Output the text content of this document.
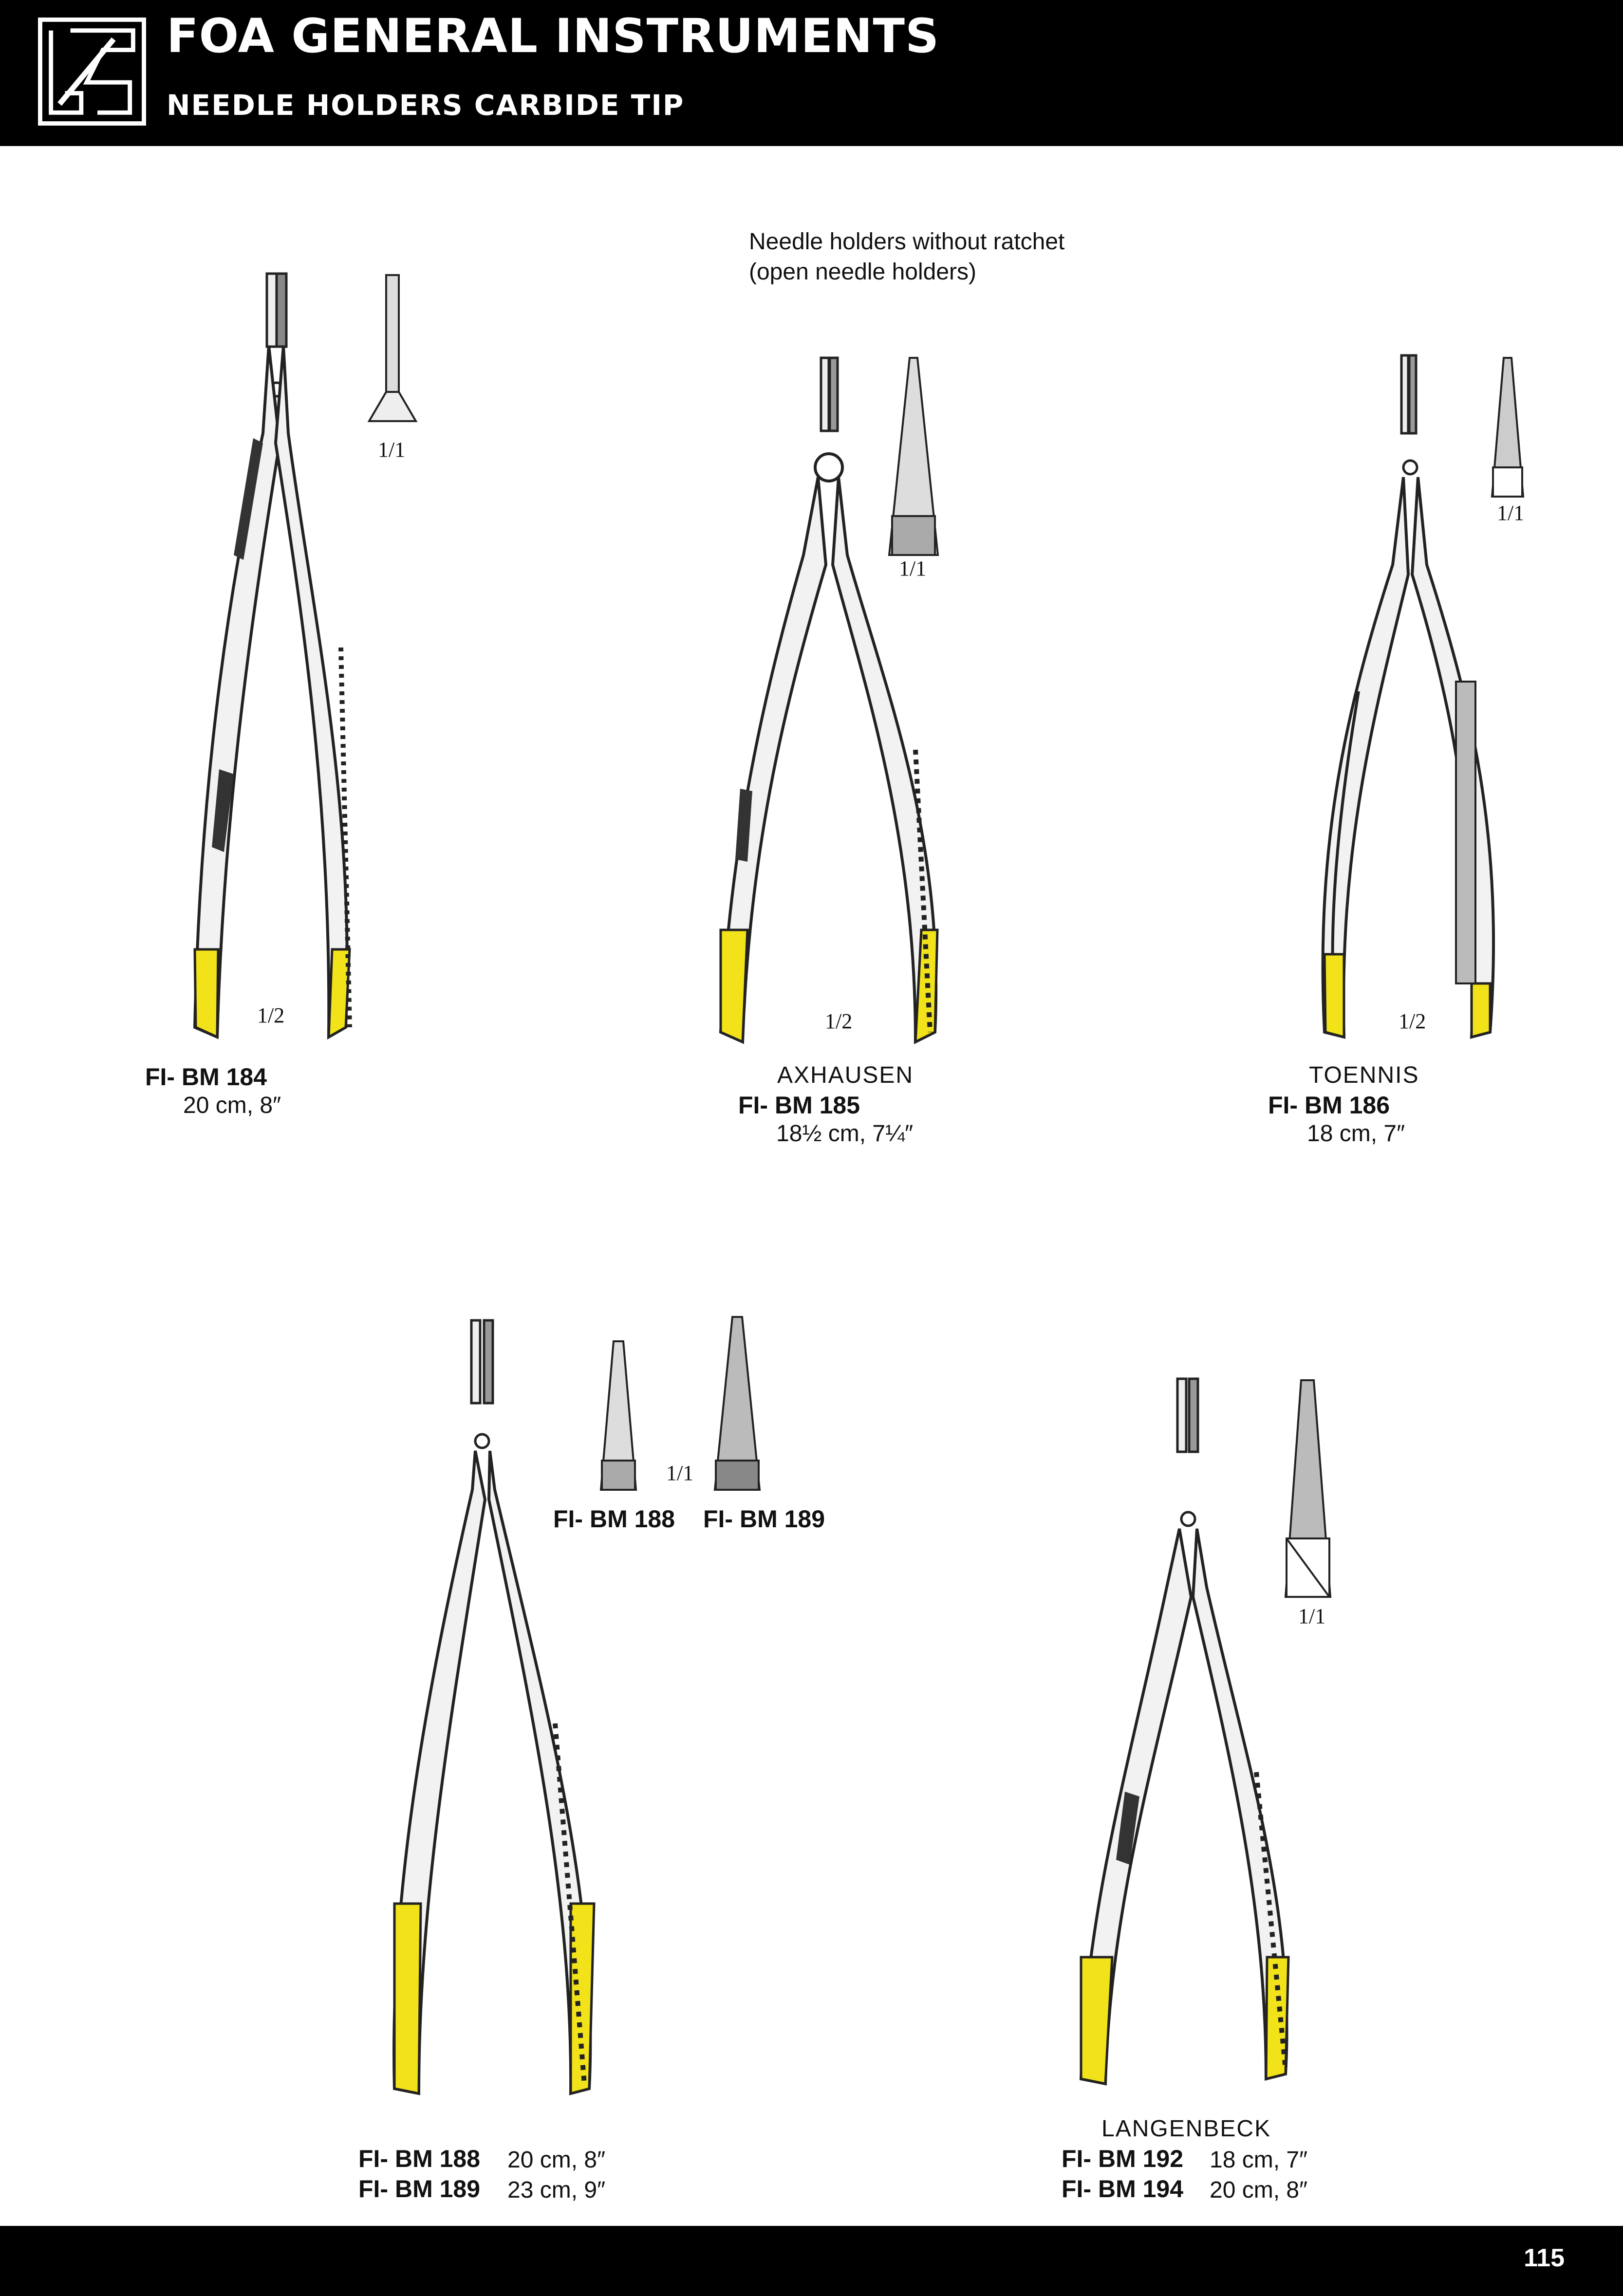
FOA GENERAL INSTRUMENTS
NEEDLE HOLDERS CARBIDE TIP
Needle holders without ratchet
(open needle holders)
1/1
1/2
FI- BM 184
20 cm, 8″
1/1
1/2
AXHAUSEN
FI- BM 185
18½ cm, 7¼″
1/1
1/2
TOENNIS
FI- BM 186
18 cm, 7″
1/1
FI- BM 188 FI- BM 189
FI- BM 188 20 cm, 8″
FI- BM 189 23 cm, 9″
1/1
LANGENBECK
FI- BM 192 18 cm, 7″
FI- BM 194 20 cm, 8″
115
